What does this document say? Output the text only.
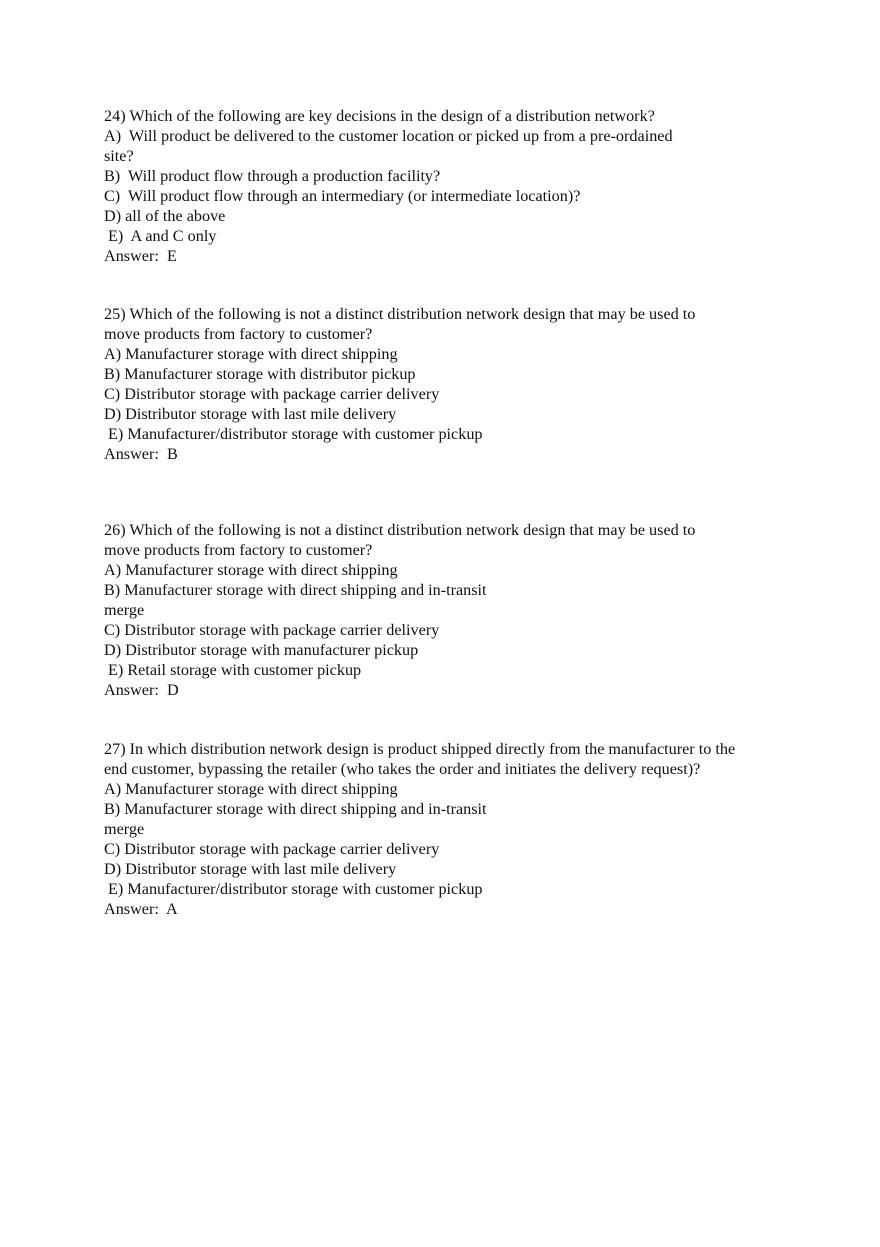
24) Which of the following are key decisions in the design of a distribution network?
A)  Will product be delivered to the customer location or picked up from a pre-ordained
site?
B)  Will product flow through a production facility?
C)  Will product flow through an intermediary (or intermediate location)?
D) all of the above
E)  A and C only
Answer:  E
25) Which of the following is not a distinct distribution network design that may be used to
move products from factory to customer?
A) Manufacturer storage with direct shipping
B) Manufacturer storage with distributor pickup
C) Distributor storage with package carrier delivery
D) Distributor storage with last mile delivery
E) Manufacturer/distributor storage with customer pickup
Answer:  B
26) Which of the following is not a distinct distribution network design that may be used to
move products from factory to customer?
A) Manufacturer storage with direct shipping
B) Manufacturer storage with direct shipping and in-transit
merge
C) Distributor storage with package carrier delivery
D) Distributor storage with manufacturer pickup
E) Retail storage with customer pickup
Answer:  D
27) In which distribution network design is product shipped directly from the manufacturer to the
end customer, bypassing the retailer (who takes the order and initiates the delivery request)?
A) Manufacturer storage with direct shipping
B) Manufacturer storage with direct shipping and in-transit
merge
C) Distributor storage with package carrier delivery
D) Distributor storage with last mile delivery
E) Manufacturer/distributor storage with customer pickup
Answer:  A
